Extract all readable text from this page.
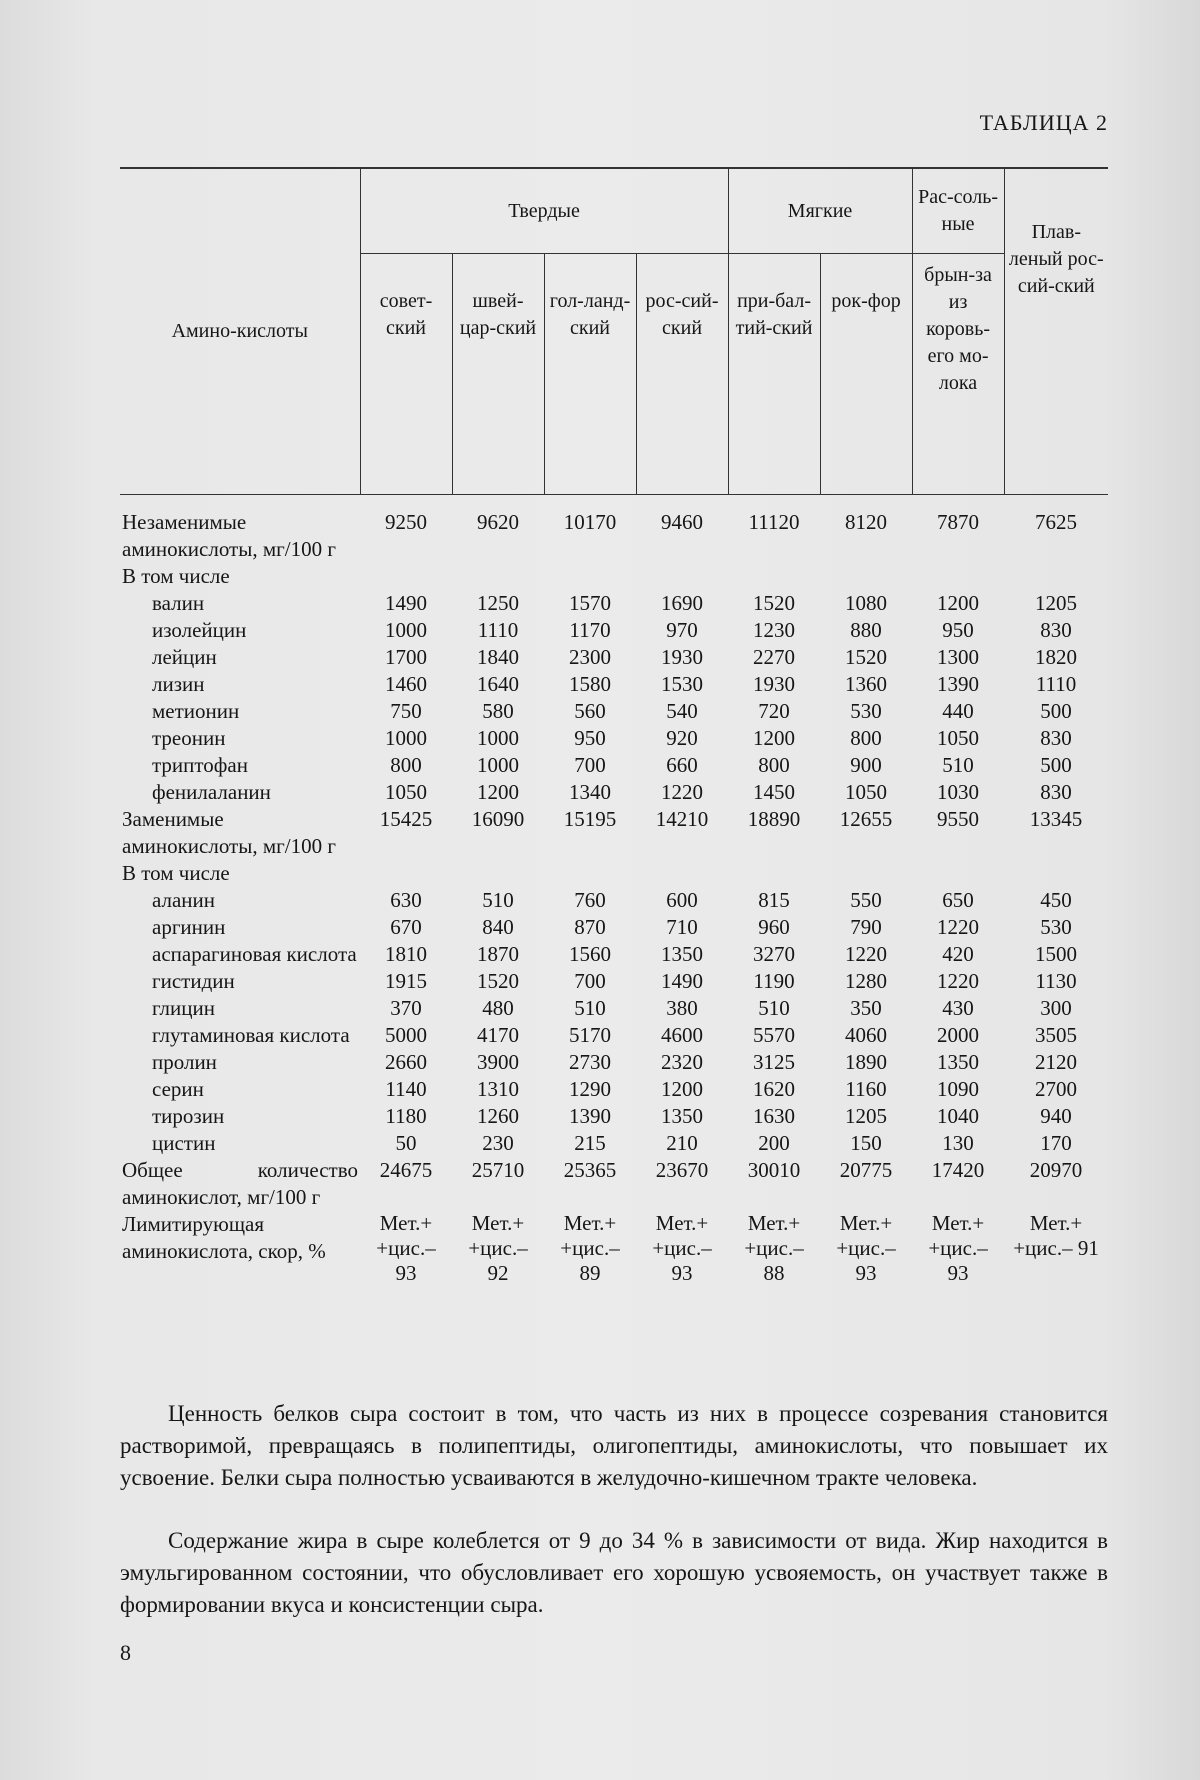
ТАБЛИЦА 2
Амино-кислоты	Твердые	Мягкие	Рас-соль-ные	Плав-леный рос-сий-ский
совет-ский	швей-цар-ский	гол-ланд-ский	рос-сий-ский	при-бал-тий-ский	рок-фор	брын-за из коровь-его мо-лока
Незаменимые аминокислоты, мг/100 г	9250	9620	10170	9460	11120	8120	7870	7625
В том числе
валин	1490	1250	1570	1690	1520	1080	1200	1205
изолейцин	1000	1110	1170	970	1230	880	950	830
лейцин	1700	1840	2300	1930	2270	1520	1300	1820
лизин	1460	1640	1580	1530	1930	1360	1390	1110
метионин	750	580	560	540	720	530	440	500
треонин	1000	1000	950	920	1200	800	1050	830
триптофан	800	1000	700	660	800	900	510	500
фенилаланин	1050	1200	1340	1220	1450	1050	1030	830
Заменимые аминокислоты, мг/100 г	15425	16090	15195	14210	18890	12655	9550	13345
В том числе
аланин	630	510	760	600	815	550	650	450
аргинин	670	840	870	710	960	790	1220	530
аспарагиновая кислота	1810	1870	1560	1350	3270	1220	420	1500
гистидин	1915	1520	700	1490	1190	1280	1220	1130
глицин	370	480	510	380	510	350	430	300
глутаминовая кислота	5000	4170	5170	4600	5570	4060	2000	3505
пролин	2660	3900	2730	2320	3125	1890	1350	2120
серин	1140	1310	1290	1200	1620	1160	1090	2700
тирозин	1180	1260	1390	1350	1630	1205	1040	940
цистин	50	230	215	210	200	150	130	170
Общее количество аминокислот, мг/100 г	24675	25710	25365	23670	30010	20775	17420	20970
Лимитирующая аминокислота, скор, %	Мет.+ +цис.– 93	Мет.+ +цис.– 92	Мет.+ +цис.– 89	Мет.+ +цис.– 93	Мет.+ +цис.– 88	Мет.+ +цис.– 93	Мет.+ +цис.– 93	Мет.+ +цис.– 91

Ценность белков сыра состоит в том, что часть из них в процессе созревания становится растворимой, превращаясь в полипептиды, олигопептиды, аминокислоты, что повышает их усвоение. Белки сыра полностью усваиваются в желудочно-кишечном тракте человека.

Содержание жира в сыре колеблется от 9 до 34 % в зависимости от вида. Жир находится в эмульгированном состоянии, что обусловливает его хорошую усвояемость, он участвует также в формировании вкуса и консистенции сыра.

8
